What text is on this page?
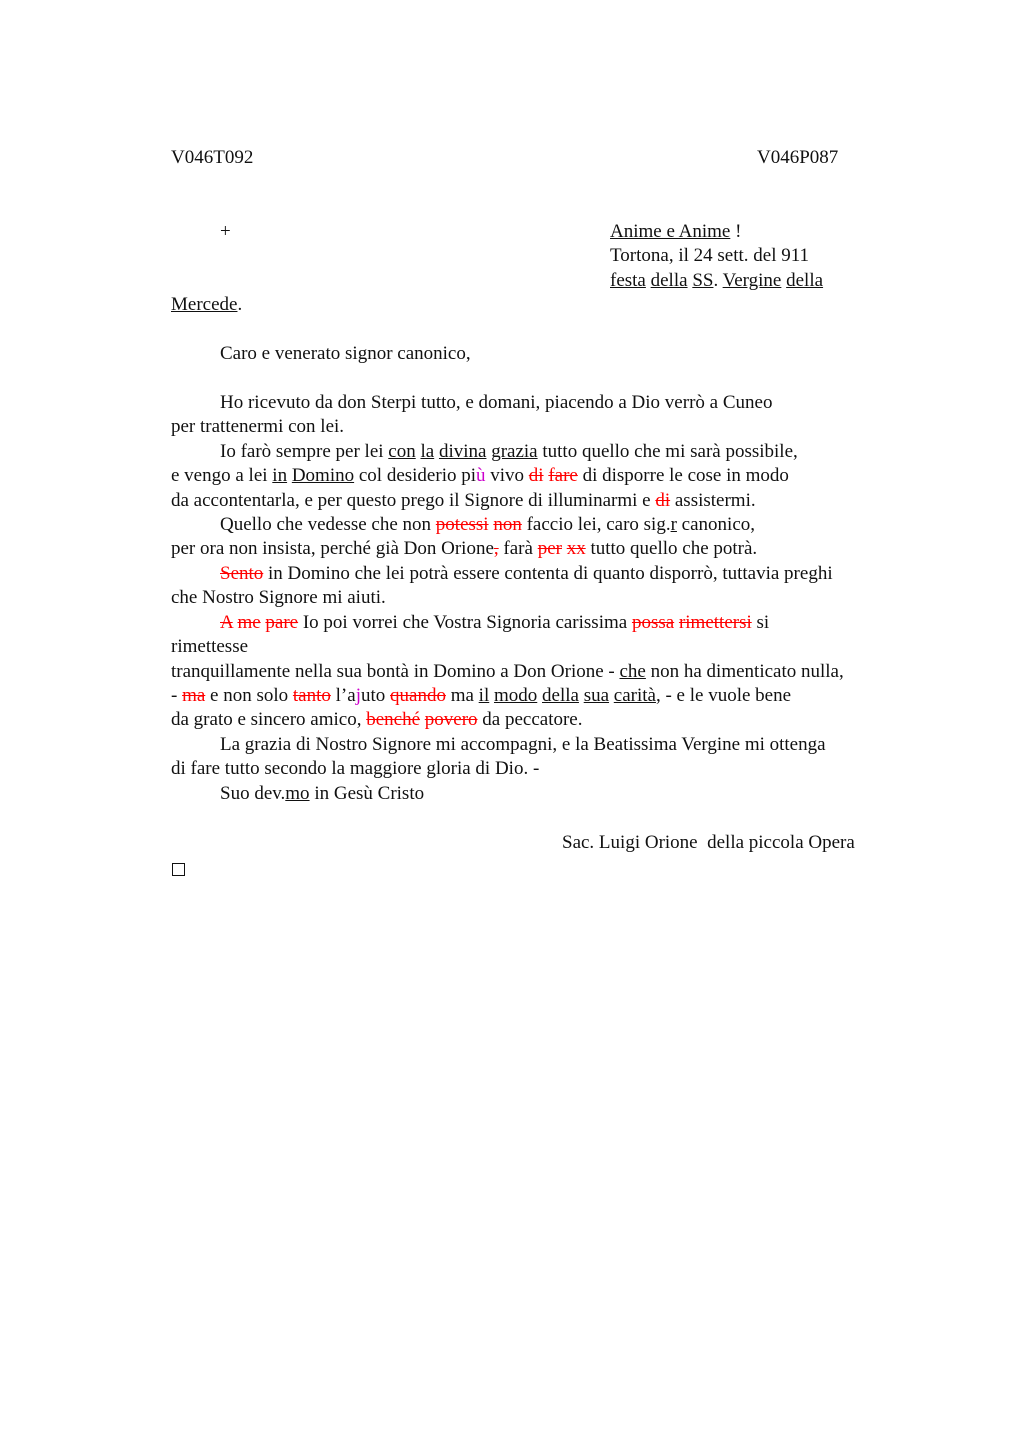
V046T092	V046P087
+	Anime e Anime !
Tortona, il 24 sett. del 911
festa della SS. Vergine della
Mercede.
Caro e venerato signor canonico,
Ho ricevuto da don Sterpi tutto, e domani, piacendo a Dio verrò a Cuneo
per trattenermi con lei.
Io farò sempre per lei con la divina grazia tutto quello che mi sarà possibile,
e vengo a lei in Domino col desiderio più vivo di fare di disporre le cose in modo
da accontentarla, e per questo prego il Signore di illuminarmi e di assistermi.
Quello che vedesse che non potessi non faccio lei, caro sig.r canonico,
per ora non insista, perché già Don Orione, farà per xx tutto quello che potrà.
Sento in Domino che lei potrà essere contenta di quanto disporrò, tuttavia preghi
che Nostro Signore mi aiuti.
A me pare Io poi vorrei che Vostra Signoria carissima possa rimettersi si
rimettesse
tranquillamente nella sua bontà in Domino a Don Orione - che non ha dimenticato nulla,
- ma e non solo tanto l’ajuto quando ma il modo della sua carità, - e le vuole bene
da grato e sincero amico, benché povero da peccatore.
La grazia di Nostro Signore mi accompagni, e la Beatissima Vergine mi ottenga
di fare tutto secondo la maggiore gloria di Dio. -
Suo dev.mo in Gesù Cristo
Sac. Luigi Orione  della piccola Opera
